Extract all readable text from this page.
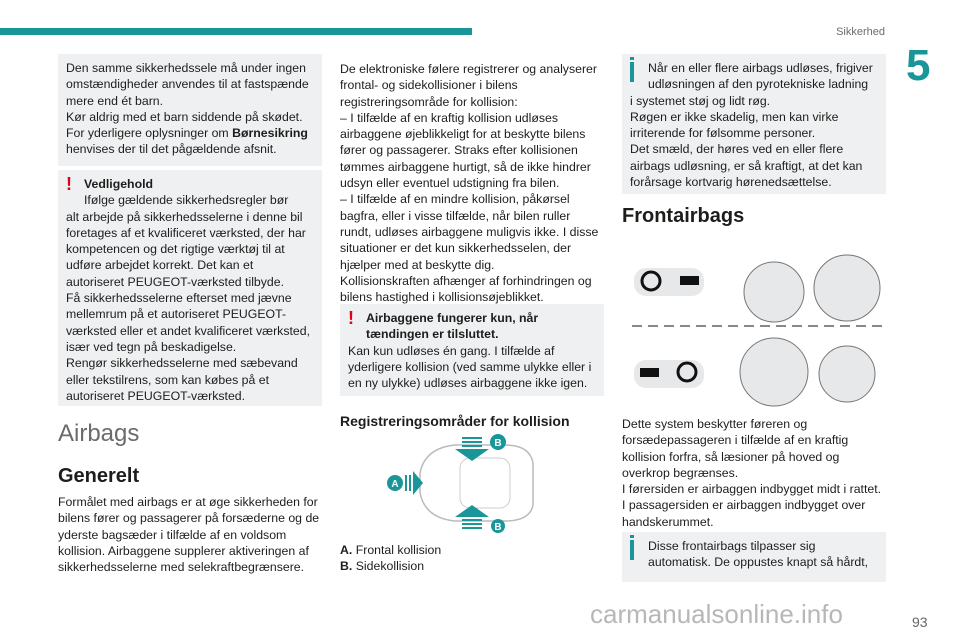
Sikkerhed
5

Den samme sikkerhedssele må under ingen omstændigheder anvendes til at fastspænde mere end ét barn.
Kør aldrig med et barn siddende på skødet.
For yderligere oplysninger om Børnesikring henvises der til det pågældende afsnit.

! Vedligehold
Ifølge gældende sikkerhedsregler bør

alt arbejde på sikkerhedsselerne i denne bil foretages af et kvalificeret værksted, der har kompetencen og det rigtige værktøj til at udføre arbejdet korrekt. Det kan et autoriseret PEUGEOT-værksted tilbyde.
Få sikkerhedsselerne efterset med jævne mellemrum på et autoriseret PEUGEOT-værksted eller et andet kvalificeret værksted, især ved tegn på beskadigelse.
Rengør sikkerhedsselerne med sæbevand eller tekstilrens, som kan købes på et autoriseret PEUGEOT-værksted.

Airbags
Generelt

Formålet med airbags er at øge sikkerheden for bilens fører og passagerer på forsæderne og de yderste bagsæder i tilfælde af en voldsom kollision. Airbaggene supplerer aktiveringen af sikkerhedsselerne med selekraftbegrænsere.

De elektroniske følere registrerer og analyserer frontal- og sidekollisioner i bilens registreringsområde for kollision:
– I tilfælde af en kraftig kollision udløses airbaggene øjeblikkeligt for at beskytte bilens fører og passagerer. Straks efter kollisionen tømmes airbaggene hurtigt, så de ikke hindrer udsyn eller eventuel udstigning fra bilen.
– I tilfælde af en mindre kollision, påkørsel bagfra, eller i visse tilfælde, når bilen ruller rundt, udløses airbaggene muligvis ikke. I disse situationer er det kun sikkerhedsselen, der hjælper med at beskytte dig.
Kollisionskraften afhænger af forhindringen og bilens hastighed i kollisionsøjeblikket.

! Airbaggene fungerer kun, når tændingen er tilsluttet.

Kan kun udløses én gang. I tilfælde af yderligere kollision (ved samme ulykke eller i en ny ulykke) udløses airbaggene ikke igen.

Registreringsområder for kollision
A
B
B
A. Frontal kollision
B. Sidekollision
Når en eller flere airbags udløses, frigiver udløsningen af den pyrotekniske ladning

i systemet støj og lidt røg.
Røgen er ikke skadelig, men kan virke irriterende for følsomme personer.
Det smæld, der høres ved en eller flere airbags udløsning, er så kraftigt, at det kan forårsage kortvarig hørenedsættelse.

Frontairbags

Dette system beskytter føreren og forsædepassageren i tilfælde af en kraftig kollision forfra, så læsioner på hoved og overkrop begrænses.
I førersiden er airbaggen indbygget midt i rattet.
I passagersiden er airbaggen indbygget over handskerummet.

Disse frontairbags tilpasser sig automatisk. De oppustes knapt så hårdt,

carmanualsonline.info	93
